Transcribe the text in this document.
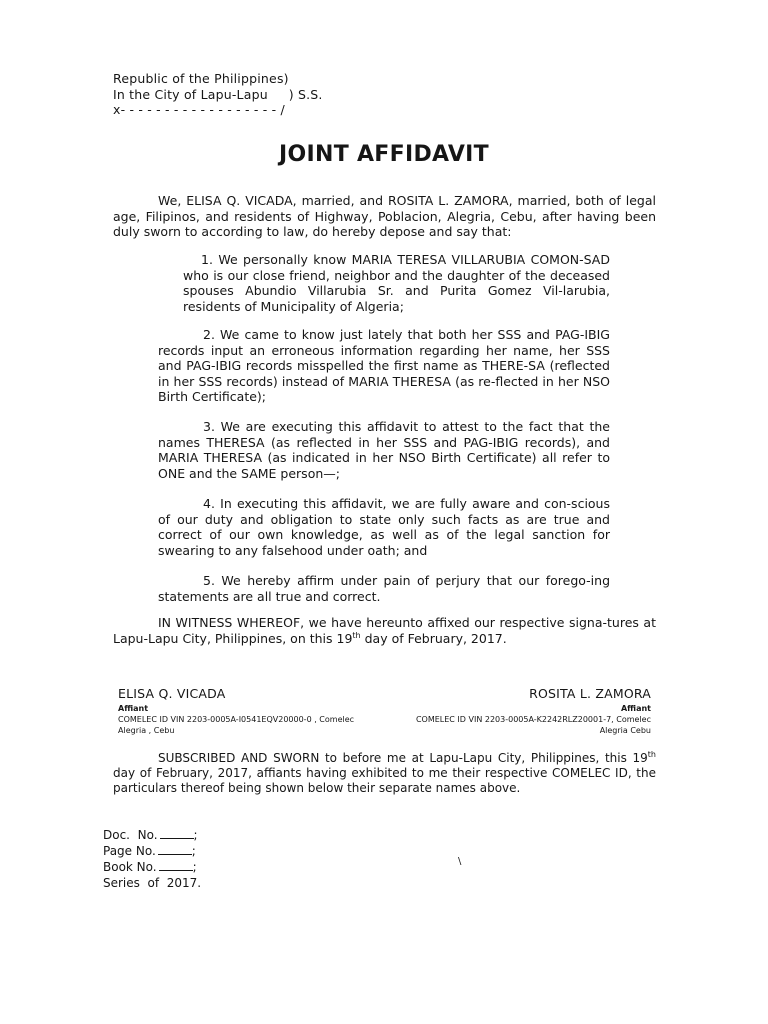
Republic of the Philippines)
In the City of Lapu-Lapu     ) S.S.
x- - - - - - - - - - - - - - - - - - /
JOINT AFFIDAVIT

We, ELISA Q. VICADA, married, and ROSITA L. ZAMORA, married, both of legal age, Filipinos, and residents of Highway, Poblacion, Alegria, Cebu, after having been duly sworn to according to law, do hereby depose and say that:

1. We personally know MARIA TERESA VILLARUBIA COMON-SAD who is our close friend, neighbor and the daughter of the deceased spouses Abundio Villarubia Sr. and Purita Gomez Vil-larubia, residents of Municipality of Algeria;

2. We came to know just lately that both her SSS and PAG-IBIG records input an erroneous information regarding her name, her SSS and PAG-IBIG records misspelled the first name as THERE-SA (reflected in her SSS records) instead of MARIA THERESA (as re-flected in her NSO Birth Certificate);

3. We are executing this affidavit to attest to the fact that the names THERESA (as reflected in her SSS and PAG-IBIG records), and MARIA THERESA (as indicated in her NSO Birth Certificate) all refer to ONE and the SAME person—;

4. In executing this affidavit, we are fully aware and con-scious of our duty and obligation to state only such facts as are true and correct of our own knowledge, as well as of the legal sanction for swearing to any falsehood under oath; and

5. We hereby affirm under pain of perjury that our forego-ing statements are all true and correct.

IN WITNESS WHEREOF, we have hereunto affixed our respective signa-tures at Lapu-Lapu City, Philippines, on this 19th day of February, 2017.

ELISA Q. VICADA
Affiant
COMELEC ID VIN 2203-0005A-I0541EQV20000-0 , Comelec
Alegria , Cebu
ROSITA L. ZAMORA
Affiant
COMELEC ID VIN 2203-0005A-K2242RLZ20001-7, Comelec
Alegria Cebu

SUBSCRIBED AND SWORN to before me at Lapu-Lapu City, Philippines, this 19th day of February, 2017, affiants having exhibited to me their respective COMELEC ID, the particulars thereof being shown below their separate names above.

Doc.  No.	;
Page No.	;
Book No.	;
Series  of  2017.
\
